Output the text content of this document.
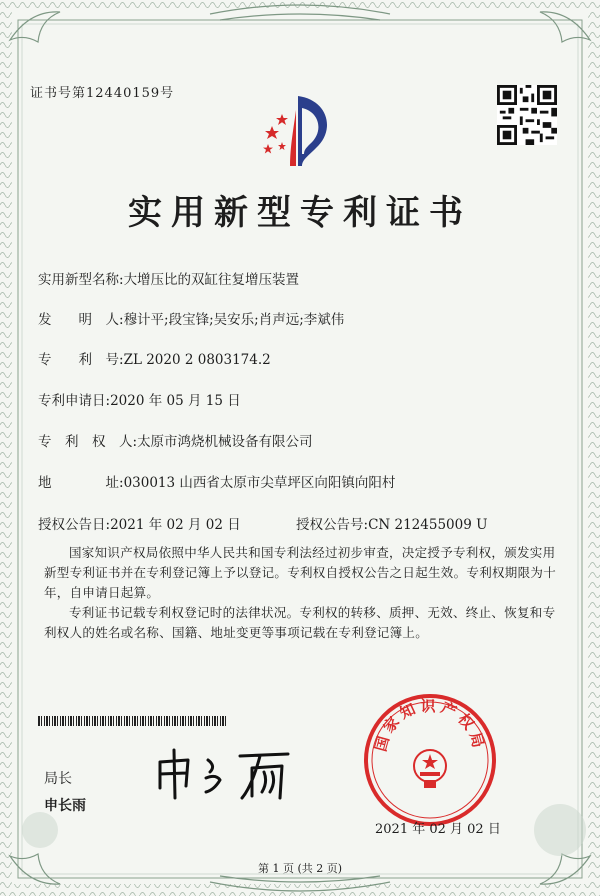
证书号第12440159号
实用新型专利证书
实用新型名称:大增压比的双缸往复增压装置
发　　明　人:穆计平;段宝锋;吴安乐;肖声远;李斌伟
专　　利　号:ZL 2020 2 0803174.2
专利申请日:2020 年 05 月 15 日
专　利　权　人:太原市鸿烧机械设备有限公司
地　　　　址:030013 山西省太原市尖草坪区向阳镇向阳村
授权公告日:2021 年 02 月 02 日	授权公告号:CN 212455009 U
国家知识产权局依照中华人民共和国专利法经过初步审查，决定授予专利权，颁发实用新型专利证书并在专利登记簿上予以登记。专利权自授权公告之日起生效。专利权期限为十年，自申请日起算。
专利证书记载专利权登记时的法律状况。专利权的转移、质押、无效、终止、恢复和专利权人的姓名或名称、国籍、地址变更等事项记载在专利登记簿上。
局长
申长雨
国家知识产权局
2021 年 02 月 02 日
第 1 页 (共 2 页)
